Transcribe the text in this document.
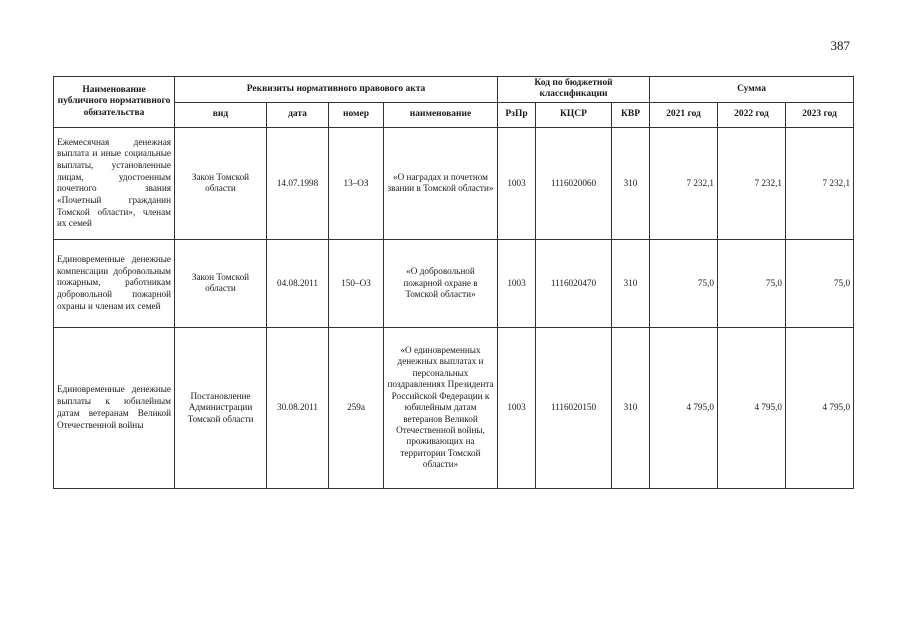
387
Наименование публичного нормативного обязательства	Реквизиты нормативного правового акта				Код по бюджетной классификации			Сумма		
	вид	дата	номер	наименование	РзПр	КЦСР	КВР	2021 год	2022 год	2023 год
Ежемесячная денежная выплата и иные социальные выплаты, установленные лицам, удостоенным почетного звания «Почетный гражданин Томской области», членам их семей	Закон Томской области	14.07.1998	13–ОЗ	«О наградах и почетном звании в Томской области»	1003	1116020060	310	7 232,1	7 232,1	7 232,1
Единовременные денежные компенсации добровольным пожарным, работникам добровольной пожарной охраны и членам их семей	Закон Томской области	04.08.2011	150–ОЗ	«О добровольной пожарной охране в Томской области»	1003	1116020470	310	75,0	75,0	75,0
Единовременные денежные выплаты к юбилейным датам ветеранам Великой Отечественной войны	Постановление Администрации Томской области	30.08.2011	259а	«О единовременных денежных выплатах и персональных поздравлениях Президента Российской Федерации к юбилейным датам ветеранов Великой Отечественной войны, проживающих на территории Томской области»	1003	1116020150	310	4 795,0	4 795,0	4 795,0
